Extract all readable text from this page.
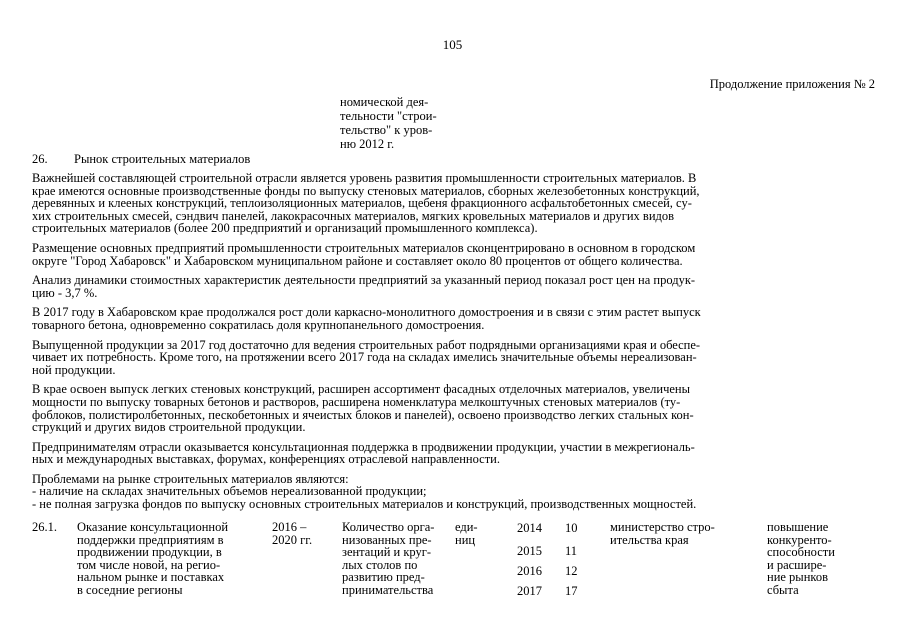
105
Продолжение приложения № 2
номической дея-
тельности "строи-
тельство" к уров-
ню 2012 г.
26. Рынок строительных материалов
Важнейшей составляющей строительной отрасли является уровень развития промышленности строительных материалов. В
крае имеются основные производственные фонды по выпуску стеновых материалов, сборных железобетонных конструкций,
деревянных и клееных конструкций, теплоизоляционных материалов, щебеня фракционного асфальтобетонных смесей, су-
хих строительных смесей, сэндвич панелей, лакокрасочных материалов, мягких кровельных материалов и других видов
строительных материалов (более 200 предприятий и организаций промышленного комплекса).
Размещение основных предприятий промышленности строительных материалов сконцентрировано в основном в городском
округе "Город Хабаровск" и Хабаровском муниципальном районе и составляет около 80 процентов от общего количества.
Анализ динамики стоимостных характеристик деятельности предприятий за указанный период показал рост цен на продук-
цию - 3,7 %.
В 2017 году в Хабаровском крае продолжался рост доли каркасно-монолитного домостроения и в связи с этим растет выпуск
товарного бетона, одновременно сократилась доля крупнопанельного домостроения.
Выпущенной продукции за 2017 год достаточно для ведения строительных работ подрядными организациями края и обеспе-
чивает их потребность. Кроме того, на протяжении всего 2017 года на складах имелись значительные объемы нереализован-
ной продукции.
В крае освоен выпуск легких стеновых конструкций, расширен ассортимент фасадных отделочных материалов, увеличены
мощности по выпуску товарных бетонов и растворов, расширена номенклатура мелкоштучных стеновых материалов (ту-
фоблоков, полистиролбетонных, пескобетонных и ячеистых блоков и панелей), освоено производство легких стальных кон-
струкций и других видов строительной продукции.
Предпринимателям отрасли оказывается консультационная поддержка в продвижении продукции, участии в межрегиональ-
ных и международных выставках, форумах, конференциях отраслевой направленности.
Проблемами на рынке строительных материалов являются:
- наличие на складах значительных объемов нереализованной продукции;
- не полная загрузка фондов по выпуску основных строительных материалов и конструкций, производственных мощностей.
26.1. Оказание консультационной
поддержки предприятиям в
продвижении продукции, в
том числе новой, на регио-
нальном рынке и поставках
в соседние регионы
2016 –
2020 гг.
Количество орга-
низованных пре-
зентаций и круг-
лых столов по
развитию пред-
принимательства
еди-
ниц
2014
2015
2016
2017
10
11
12
17
министерство стро-
ительства края
повышение
конкуренто-
способности
и расшире-
ние рынков
сбыта
